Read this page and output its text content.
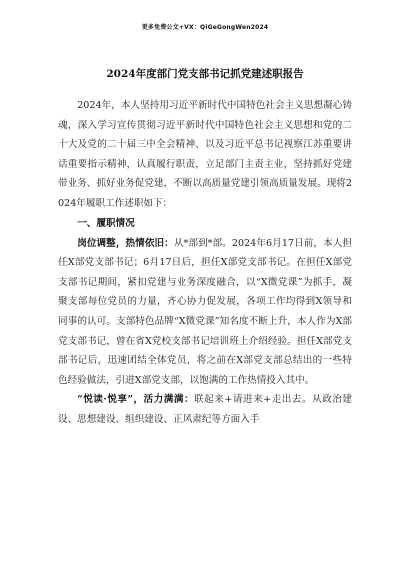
更多免费公文+VX：QiGeGongWen2024
2024年度部门党支部书记抓党建述职报告

2024年，本人坚持用习近平新时代中国特色社会主义思想凝心铸魂，深入学习宣传贯彻习近平新时代中国特色社会主义思想和党的二十大及党的二十届三中全会精神、以及习近平总书记视察江苏重要讲话重要指示精神，认真履行职责，立足部门主责主业，坚持抓好党建带业务、抓好业务促党建，不断以高质量党建引领高质量发展。现将2024年履职工作述职如下：

一、履职情况

岗位调整，热情依旧：从*部到*部。2024年6月17日前，本人担任X部党支部书记；6月17日后，担任X部党支部书记。在担任X部党支部书记期间，紧扣党建与业务深度融合，以“X微党课”为抓手，凝聚支部每位党员的力量，齐心协力促发展，各项工作均得到X领导和同事的认可。支部特色品牌“X微党课”知名度不断上升，本人作为X部党支部书记，曾在省X党校支部书记培训班上介绍经验。担任X部党支部书记后，迅速团结全体党员，将之前在X部党支部总结出的一些特色经验做法，引进X部党支部，以饱满的工作热情投入其中。

“悦读·悦享”，活力满满：联起来+请进来+走出去。从政治建设、思想建设、组织建设、正风肃纪等方面入手
